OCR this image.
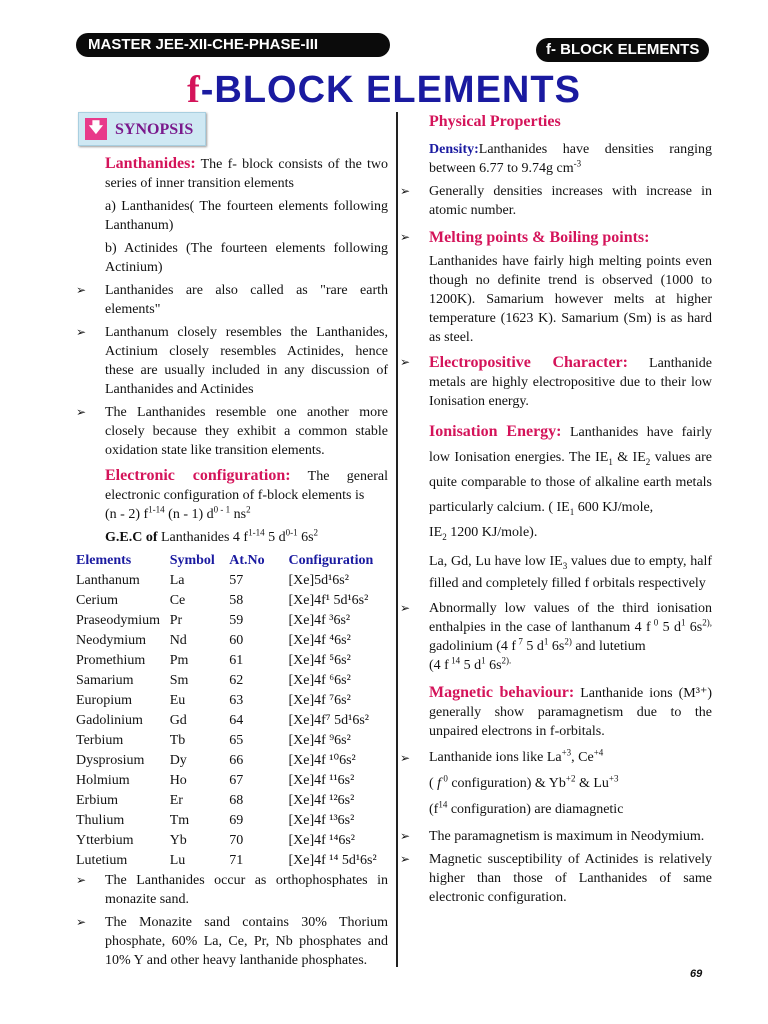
MASTER JEE-XII-CHE-PHASE-III	f- BLOCK ELEMENTS
f-BLOCK ELEMENTS
🡇 SYNOPSIS

Lanthanides: The f- block consists of the two series of inner transition elements

a) Lanthanides( The fourteen elements following Lanthanum)

b) Actinides (The fourteen elements following Actinium)

➢ Lanthanides are also called as "rare earth elements"

➢ Lanthanum closely resembles the Lanthanides, Actinium closely resembles Actinides, hence these are usually included in any discussion of Lanthanides and Actinides

➢ The Lanthanides resemble one another more closely because they exhibit a common stable oxidation state like transition elements.

Electronic configuration: The general electronic configuration of f-block elements is
(n - 2) $f^{1-14}$ (n - 1) $d^{0 - 1}$ $ns^2$

G.E.C of Lanthanides 4 $f^{1-14}$ 5 $d^{0-1}$ $6s^2$

Elements	Symbol	At.No	Configuration
Lanthanum	La	57	[Xe]5d¹6s²
Cerium	Ce	58	[Xe]4f¹ 5d¹6s²
Praseodymium	Pr	59	[Xe]4f ³6s²
Neodymium	Nd	60	[Xe]4f ⁴6s²
Promethium	Pm	61	[Xe]4f ⁵6s²
Samarium	Sm	62	[Xe]4f ⁶6s²
Europium	Eu	63	[Xe]4f ⁷6s²
Gadolinium	Gd	64	[Xe]4f⁷ 5d¹6s²
Terbium	Tb	65	[Xe]4f ⁹6s²
Dysprosium	Dy	66	[Xe]4f ¹⁰6s²
Holmium	Ho	67	[Xe]4f ¹¹6s²
Erbium	Er	68	[Xe]4f ¹²6s²
Thulium	Tm	69	[Xe]4f ¹³6s²
Ytterbium	Yb	70	[Xe]4f ¹⁴6s²
Lutetium	Lu	71	[Xe]4f ¹⁴ 5d¹6s²

➢ The Lanthanides occur as orthophosphates in monazite sand.

➢ The Monazite sand contains 30% Thorium phosphate, 60% La, Ce, Pr, Nb phosphates and 10% Y and other heavy lanthanide phosphates.

Physical Properties

Density:Lanthanides have densities ranging between 6.77 to 9.74g $cm^{-3}$

➢ Generally densities increases with increase in atomic number.

➢ Melting points & Boiling points:

Lanthanides have fairly high melting points even though no definite trend is observed (1000 to 1200K). Samarium however melts at higher temperature (1623 K). Samarium (Sm) is as hard as steel.

➢ Electropositive Character: Lanthanide metals are highly electropositive due to their low Ionisation energy.

Ionisation Energy: Lanthanides have fairly low Ionisation energies. The $IE_1$ & $IE_2$ values are quite comparable to those of alkaline earth metals particularly calcium. ( $IE_1$ 600 KJ/mole,
$IE_2$ 1200 KJ/mole).

La, Gd, Lu have low $IE_3$ values due to empty, half filled and completely filled f orbitals respectively

➢ Abnormally low values of the third ionisation enthalpies in the case of lanthanum 4 f $^0$ 5 $d^1$ $6s^{2),}$ gadolinium (4 f $^7$ 5 $d^1$ $6s^{2)}$ and lutetium
(4 f $^{14}$ 5 $d^1$ $6s^{2).}$

Magnetic behaviour: Lanthanide ions (M³⁺) generally show paramagnetism due to the unpaired electrons in f-orbitals.

➢ Lanthanide ions like $La^{+3}$, $Ce^{+4}$
( f $^0$ configuration) & $Yb^{+2}$ & $Lu^{+3}$
($f^{14}$ configuration) are diamagnetic

➢ The paramagnetism is maximum in Neodymium.

➢ Magnetic susceptibility of Actinides is relatively higher than those of Lanthanides of same electronic configuration.

69
